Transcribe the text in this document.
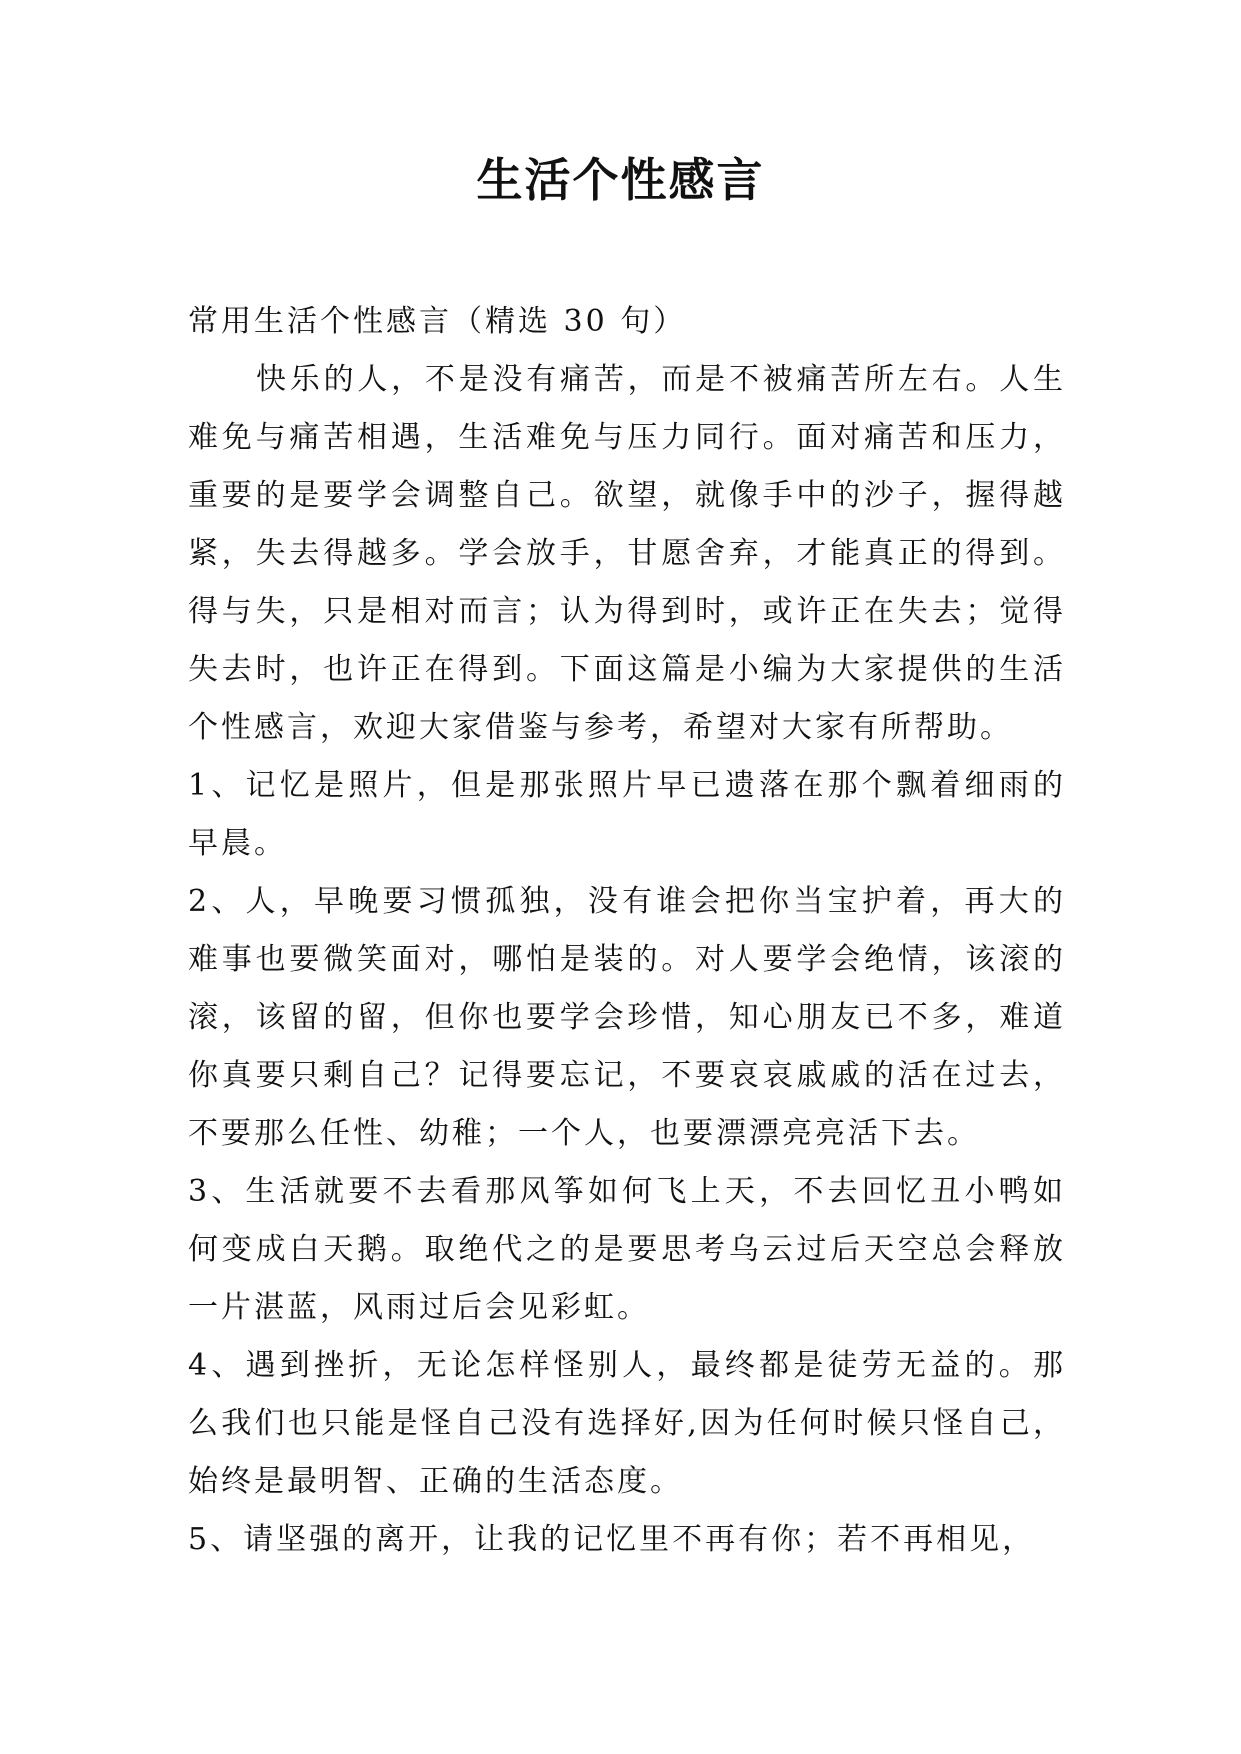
生活个性感言

常用生活个性感言（精选 30 句）

快乐的人，不是没有痛苦，而是不被痛苦所左右。人生难免与痛苦相遇，生活难免与压力同行。面对痛苦和压力，重要的是要学会调整自己。欲望，就像手中的沙子，握得越紧，失去得越多。学会放手，甘愿舍弃，才能真正的得到。得与失，只是相对而言；认为得到时，或许正在失去；觉得失去时，也许正在得到。下面这篇是小编为大家提供的生活个性感言，欢迎大家借鉴与参考，希望对大家有所帮助。

1、记忆是照片，但是那张照片早已遗落在那个飘着细雨的早晨。

2、人，早晚要习惯孤独，没有谁会把你当宝护着，再大的难事也要微笑面对，哪怕是装的。对人要学会绝情，该滚的滚，该留的留，但你也要学会珍惜，知心朋友已不多，难道你真要只剩自己？记得要忘记，不要哀哀戚戚的活在过去，不要那么任性、幼稚；一个人，也要漂漂亮亮活下去。

3、生活就要不去看那风筝如何飞上天，不去回忆丑小鸭如何变成白天鹅。取绝代之的是要思考乌云过后天空总会释放一片湛蓝，风雨过后会见彩虹。

4、遇到挫折，无论怎样怪别人，最终都是徒劳无益的。那么我们也只能是怪自己没有选择好,因为任何时候只怪自己，始终是最明智、正确的生活态度。

5、请坚强的离开，让我的记忆里不再有你；若不再相见，
